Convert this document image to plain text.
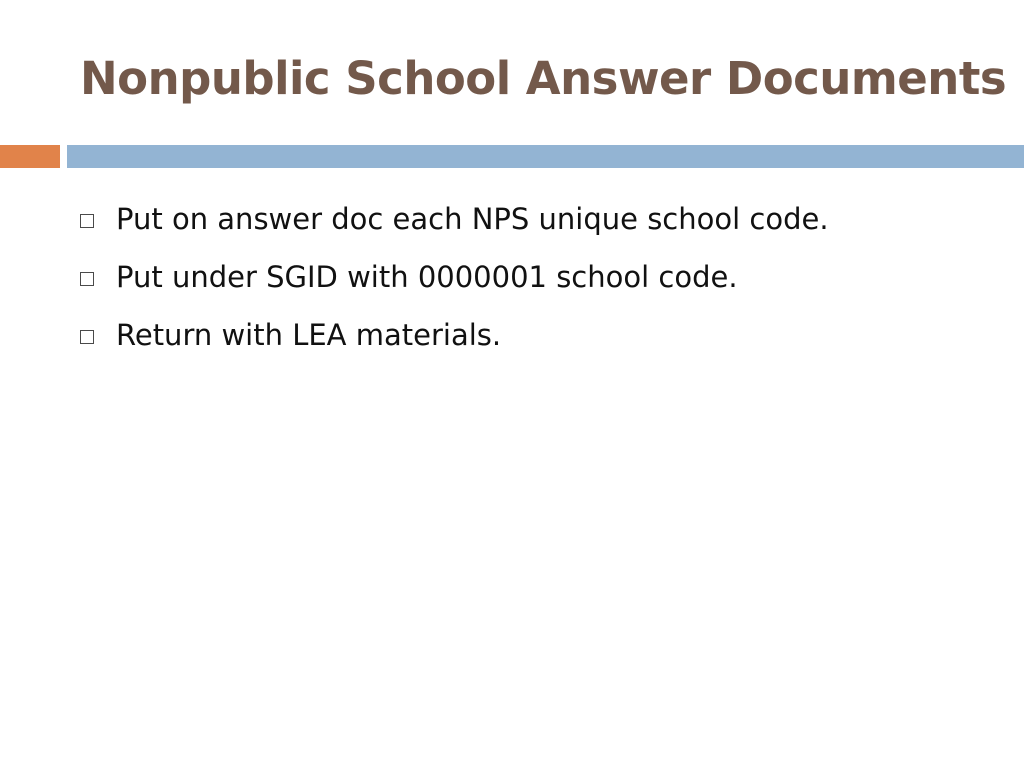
Nonpublic School Answer Documents
Put on answer doc each NPS unique school code.
Put under SGID with 0000001 school code.
Return with LEA materials.
